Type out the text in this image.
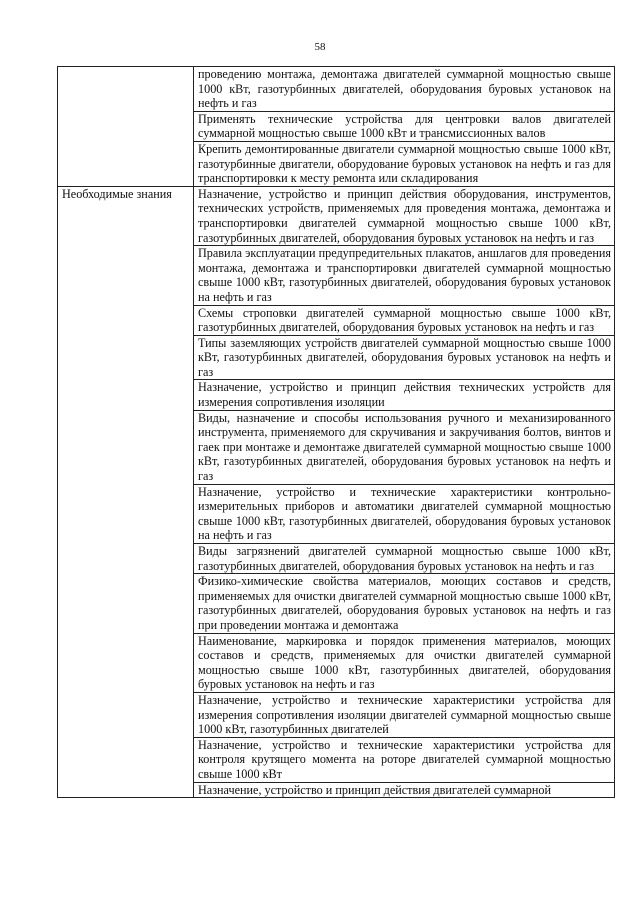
58
	проведению монтажа, демонтажа двигателей суммарной мощностью свыше 1000 кВт, газотурбинных двигателей, оборудования буровых установок на нефть и газ
	Применять технические устройства для центровки валов двигателей суммарной мощностью свыше 1000 кВт и трансмиссионных валов
	Крепить демонтированные двигатели суммарной мощностью свыше 1000 кВт, газотурбинные двигатели, оборудование буровых установок на нефть и газ для транспортировки к месту ремонта или складирования
Необходимые знания	Назначение, устройство и принцип действия оборудования, инструментов, технических устройств, применяемых для проведения монтажа, демонтажа и транспортировки двигателей суммарной мощностью свыше 1000 кВт, газотурбинных двигателей, оборудования буровых установок на нефть и газ
	Правила эксплуатации предупредительных плакатов, аншлагов для проведения монтажа, демонтажа и транспортировки двигателей суммарной мощностью свыше 1000 кВт, газотурбинных двигателей, оборудования буровых установок на нефть и газ
	Схемы строповки двигателей суммарной мощностью свыше 1000 кВт, газотурбинных двигателей, оборудования буровых установок на нефть и газ
	Типы заземляющих устройств двигателей суммарной мощностью свыше 1000 кВт, газотурбинных двигателей, оборудования буровых установок на нефть и газ
	Назначение, устройство и принцип действия технических устройств для измерения сопротивления изоляции
	Виды, назначение и способы использования ручного и механизированного инструмента, применяемого для скручивания и закручивания болтов, винтов и гаек при монтаже и демонтаже двигателей суммарной мощностью свыше 1000 кВт, газотурбинных двигателей, оборудования буровых установок на нефть и газ
	Назначение, устройство и технические характеристики контрольно-измерительных приборов и автоматики двигателей суммарной мощностью свыше 1000 кВт, газотурбинных двигателей, оборудования буровых установок на нефть и газ
	Виды загрязнений двигателей суммарной мощностью свыше 1000 кВт, газотурбинных двигателей, оборудования буровых установок на нефть и газ
	Физико-химические свойства материалов, моющих составов и средств, применяемых для очистки двигателей суммарной мощностью свыше 1000 кВт, газотурбинных двигателей, оборудования буровых установок на нефть и газ при проведении монтажа и демонтажа
	Наименование, маркировка и порядок применения материалов, моющих составов и средств, применяемых для очистки двигателей суммарной мощностью свыше 1000 кВт, газотурбинных двигателей, оборудования буровых установок на нефть и газ
	Назначение, устройство и технические характеристики устройства для измерения сопротивления изоляции двигателей суммарной мощностью свыше 1000 кВт, газотурбинных двигателей
	Назначение, устройство и технические характеристики устройства для контроля крутящего момента на роторе двигателей суммарной мощностью свыше 1000 кВт
	Назначение, устройство и принцип действия двигателей суммарной
